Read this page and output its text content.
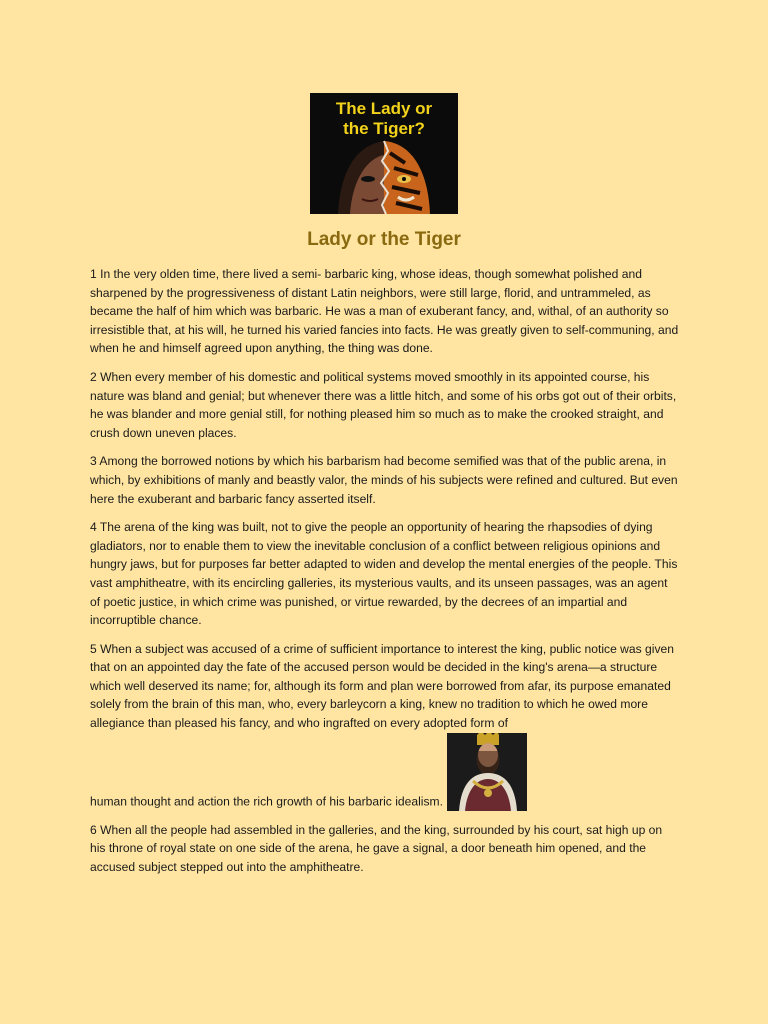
The Lady or
the Tiger?
Lady or the Tiger

1 In the very olden time, there lived a semi- barbaric king, whose ideas, though somewhat polished and sharpened by the progressiveness of distant Latin neighbors, were still large, florid, and untrammeled, as became the half of him which was barbaric. He was a man of exuberant fancy, and, withal, of an authority so irresistible that, at his will, he turned his varied fancies into facts. He was greatly given to self-communing, and when he and himself agreed upon anything, the thing was done.

2 When every member of his domestic and political systems moved smoothly in its appointed course, his nature was bland and genial; but whenever there was a little hitch, and some of his orbs got out of their orbits, he was blander and more genial still, for nothing pleased him so much as to make the crooked straight, and crush down uneven places.

3 Among the borrowed notions by which his barbarism had become semified was that of the public arena, in which, by exhibitions of manly and beastly valor, the minds of his subjects were refined and cultured. But even here the exuberant and barbaric fancy asserted itself.

4 The arena of the king was built, not to give the people an opportunity of hearing the rhapsodies of dying gladiators, nor to enable them to view the inevitable conclusion of a conflict between religious opinions and hungry jaws, but for purposes far better adapted to widen and develop the mental energies of the people. This vast amphitheatre, with its encircling galleries, its mysterious vaults, and its unseen passages, was an agent of poetic justice, in which crime was punished, or virtue rewarded, by the decrees of an impartial and incorruptible chance.

5 When a subject was accused of a crime of sufficient importance to interest the king, public notice was given that on an appointed day the fate of the accused person would be decided in the king's arena—a structure which well deserved its name; for, although its form and plan were borrowed from afar, its purpose emanated solely from the brain of this man, who, every barleycorn a king, knew no tradition to which he owed more allegiance than pleased his fancy, and who ingrafted on every adopted form of
human thought and action the rich growth of his barbaric idealism.

6 When all the people had assembled in the galleries, and the king, surrounded by his court, sat high up on his throne of royal state on one side of the arena, he gave a signal, a door beneath him opened, and the accused subject stepped out into the amphitheatre.
